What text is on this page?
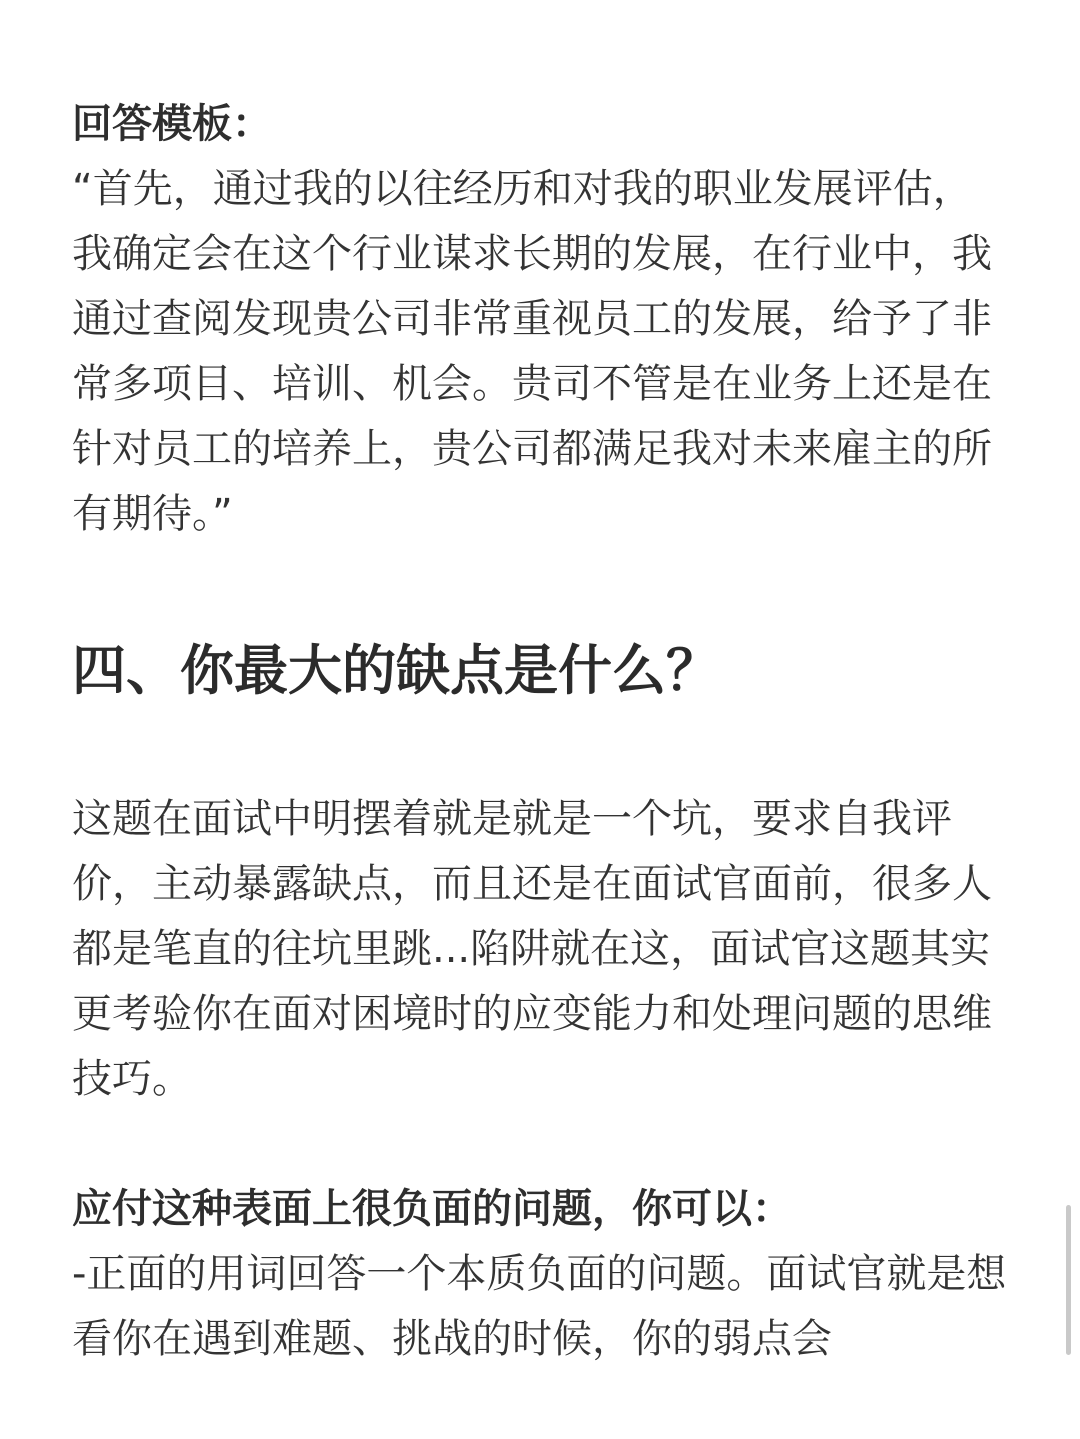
回答模板：
“首先，通过我的以往经历和对我的职业发展评估，我确定会在这个行业谋求长期的发展，在行业中，我通过查阅发现贵公司非常重视员工的发展，给予了非常多项目、培训、机会。贵司不管是在业务上还是在针对员工的培养上，贵公司都满足我对未来雇主的所有期待。”
四、你最大的缺点是什么？
这题在面试中明摆着就是就是一个坑，要求自我评价，主动暴露缺点，而且还是在面试官面前，很多人都是笔直的往坑里跳...陷阱就在这，面试官这题其实更考验你在面对困境时的应变能力和处理问题的思维技巧。
应付这种表面上很负面的问题，你可以：
-正面的用词回答一个本质负面的问题。面试官就是想看你在遇到难题、挑战的时候，你的弱点会
